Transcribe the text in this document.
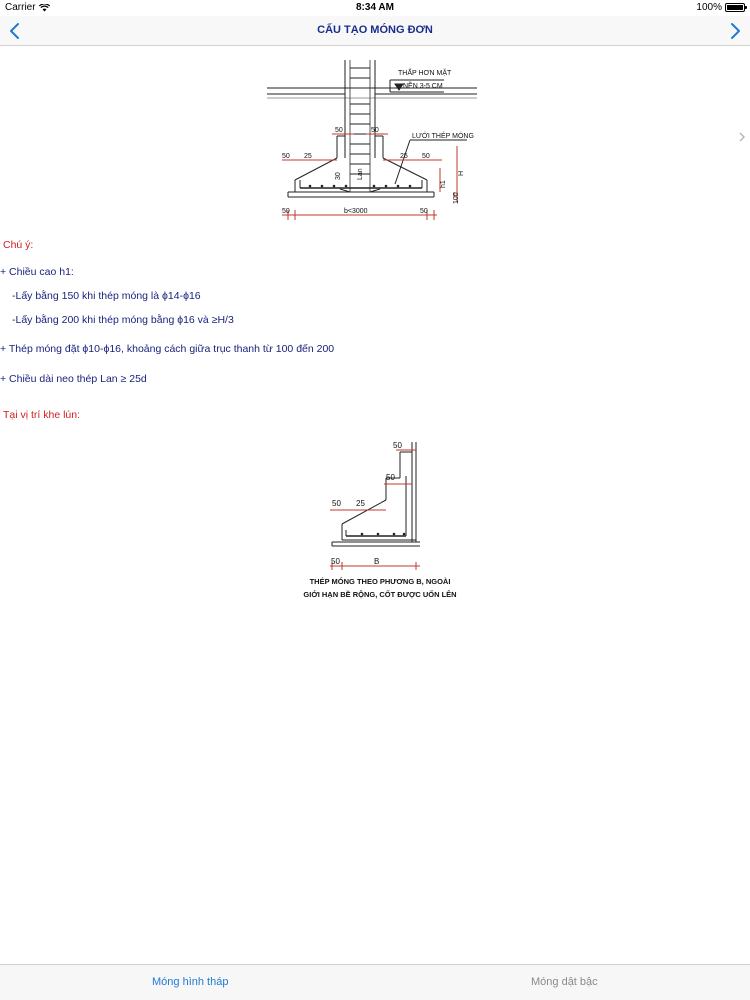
Carrier	8:34 AM	100%
CẤU TẠO MÓNG ĐƠN
THẤP HƠN MẶT
NỀN 3-5 CM
LƯỚI THÉP MÓNG
50	50
50 25	25 50
30 Lan	H
h1
100
50	b<3000	50
Chú ý:
+ Chiều cao h1:
-Lấy bằng 150 khi thép móng là ϕ14-ϕ16
-Lấy bằng 200 khi thép móng bằng ϕ16 và ≥H/3
+ Thép móng đặt ϕ10-ϕ16, khoảng cách giữa trục thanh từ 100 đến 200
+ Chiều dài neo thép Lan ≥ 25d
Tại vị trí khe lún:
50
50
50 25
50	B
THÉP MÓNG THEO PHƯƠNG B, NGOÀI
GIỚI HẠN BỀ RỘNG, CỐT ĐƯỢC UỐN LÊN
Móng hình tháp	Móng dật bậc
